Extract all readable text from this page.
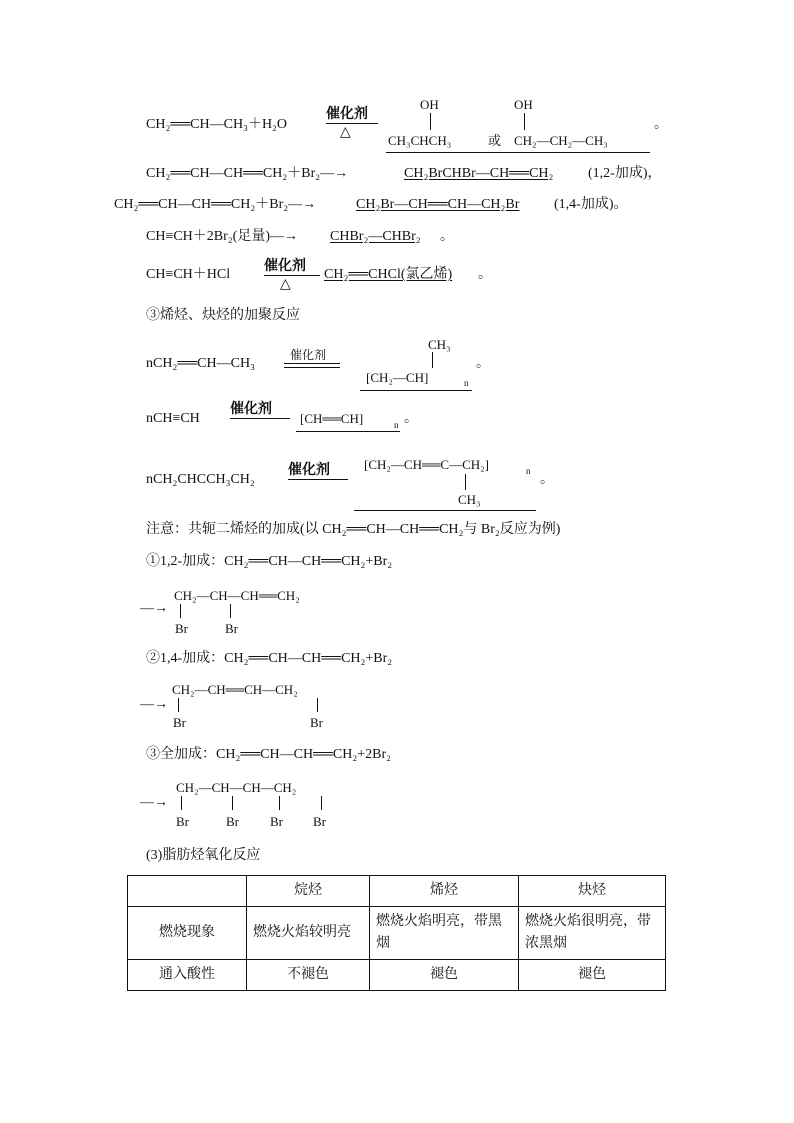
CH₂══CH—CH₃＋H₂O
催化剂
△
OH	OH
CH₃CHCH₃	或 CH₂—CH₂—CH₃
。
CH₂══CH—CH══CH₂＋Br₂—→	CH₂BrCHBr—CH══CH₂ (1,2-加成)，
CH₂══CH—CH══CH₂＋Br₂—→	CH₂Br—CH══CH—CH₂Br (1,4-加成)。
CH≡CH＋2Br₂(足量)—→ CHBr₂—CHBr₂ 。
CH≡CH＋HCl
催化剂
△
CH₂══CHCl(氯乙烯) 。
③烯烃、炔烃的加聚反应
nCH₂══CH—CH₃
催化剂
CH₃
[CH₂—CH]	n
。
nCH≡CH
催化剂
[CH══CH]	n 。
nCH₂CHCCH₃CH₂
催化剂	[CH₂—CH══C—CH₂]	n
CH₃
。
注意：共轭二烯烃的加成(以 CH₂══CH—CH══CH₂与 Br₂反应为例)
①1,2-加成：CH₂══CH—CH══CH₂+Br₂
—→
CH₂—CH—CH══CH₂
Br	Br
②1,4-加成：CH₂══CH—CH══CH₂+Br₂
—→
CH₂—CH══CH—CH₂
Br	Br
③全加成：CH₂══CH—CH══CH₂+2Br₂
—→
CH₂—CH—CH—CH₂
Br	Br Br Br
(3)脂肪烃氧化反应
	烷烃	烯烃	炔烃
燃烧现象	燃烧火焰较明亮	燃烧火焰明亮，带黑烟	燃烧火焰很明亮，带浓黑烟
通入酸性	不褪色	褪色	褪色
